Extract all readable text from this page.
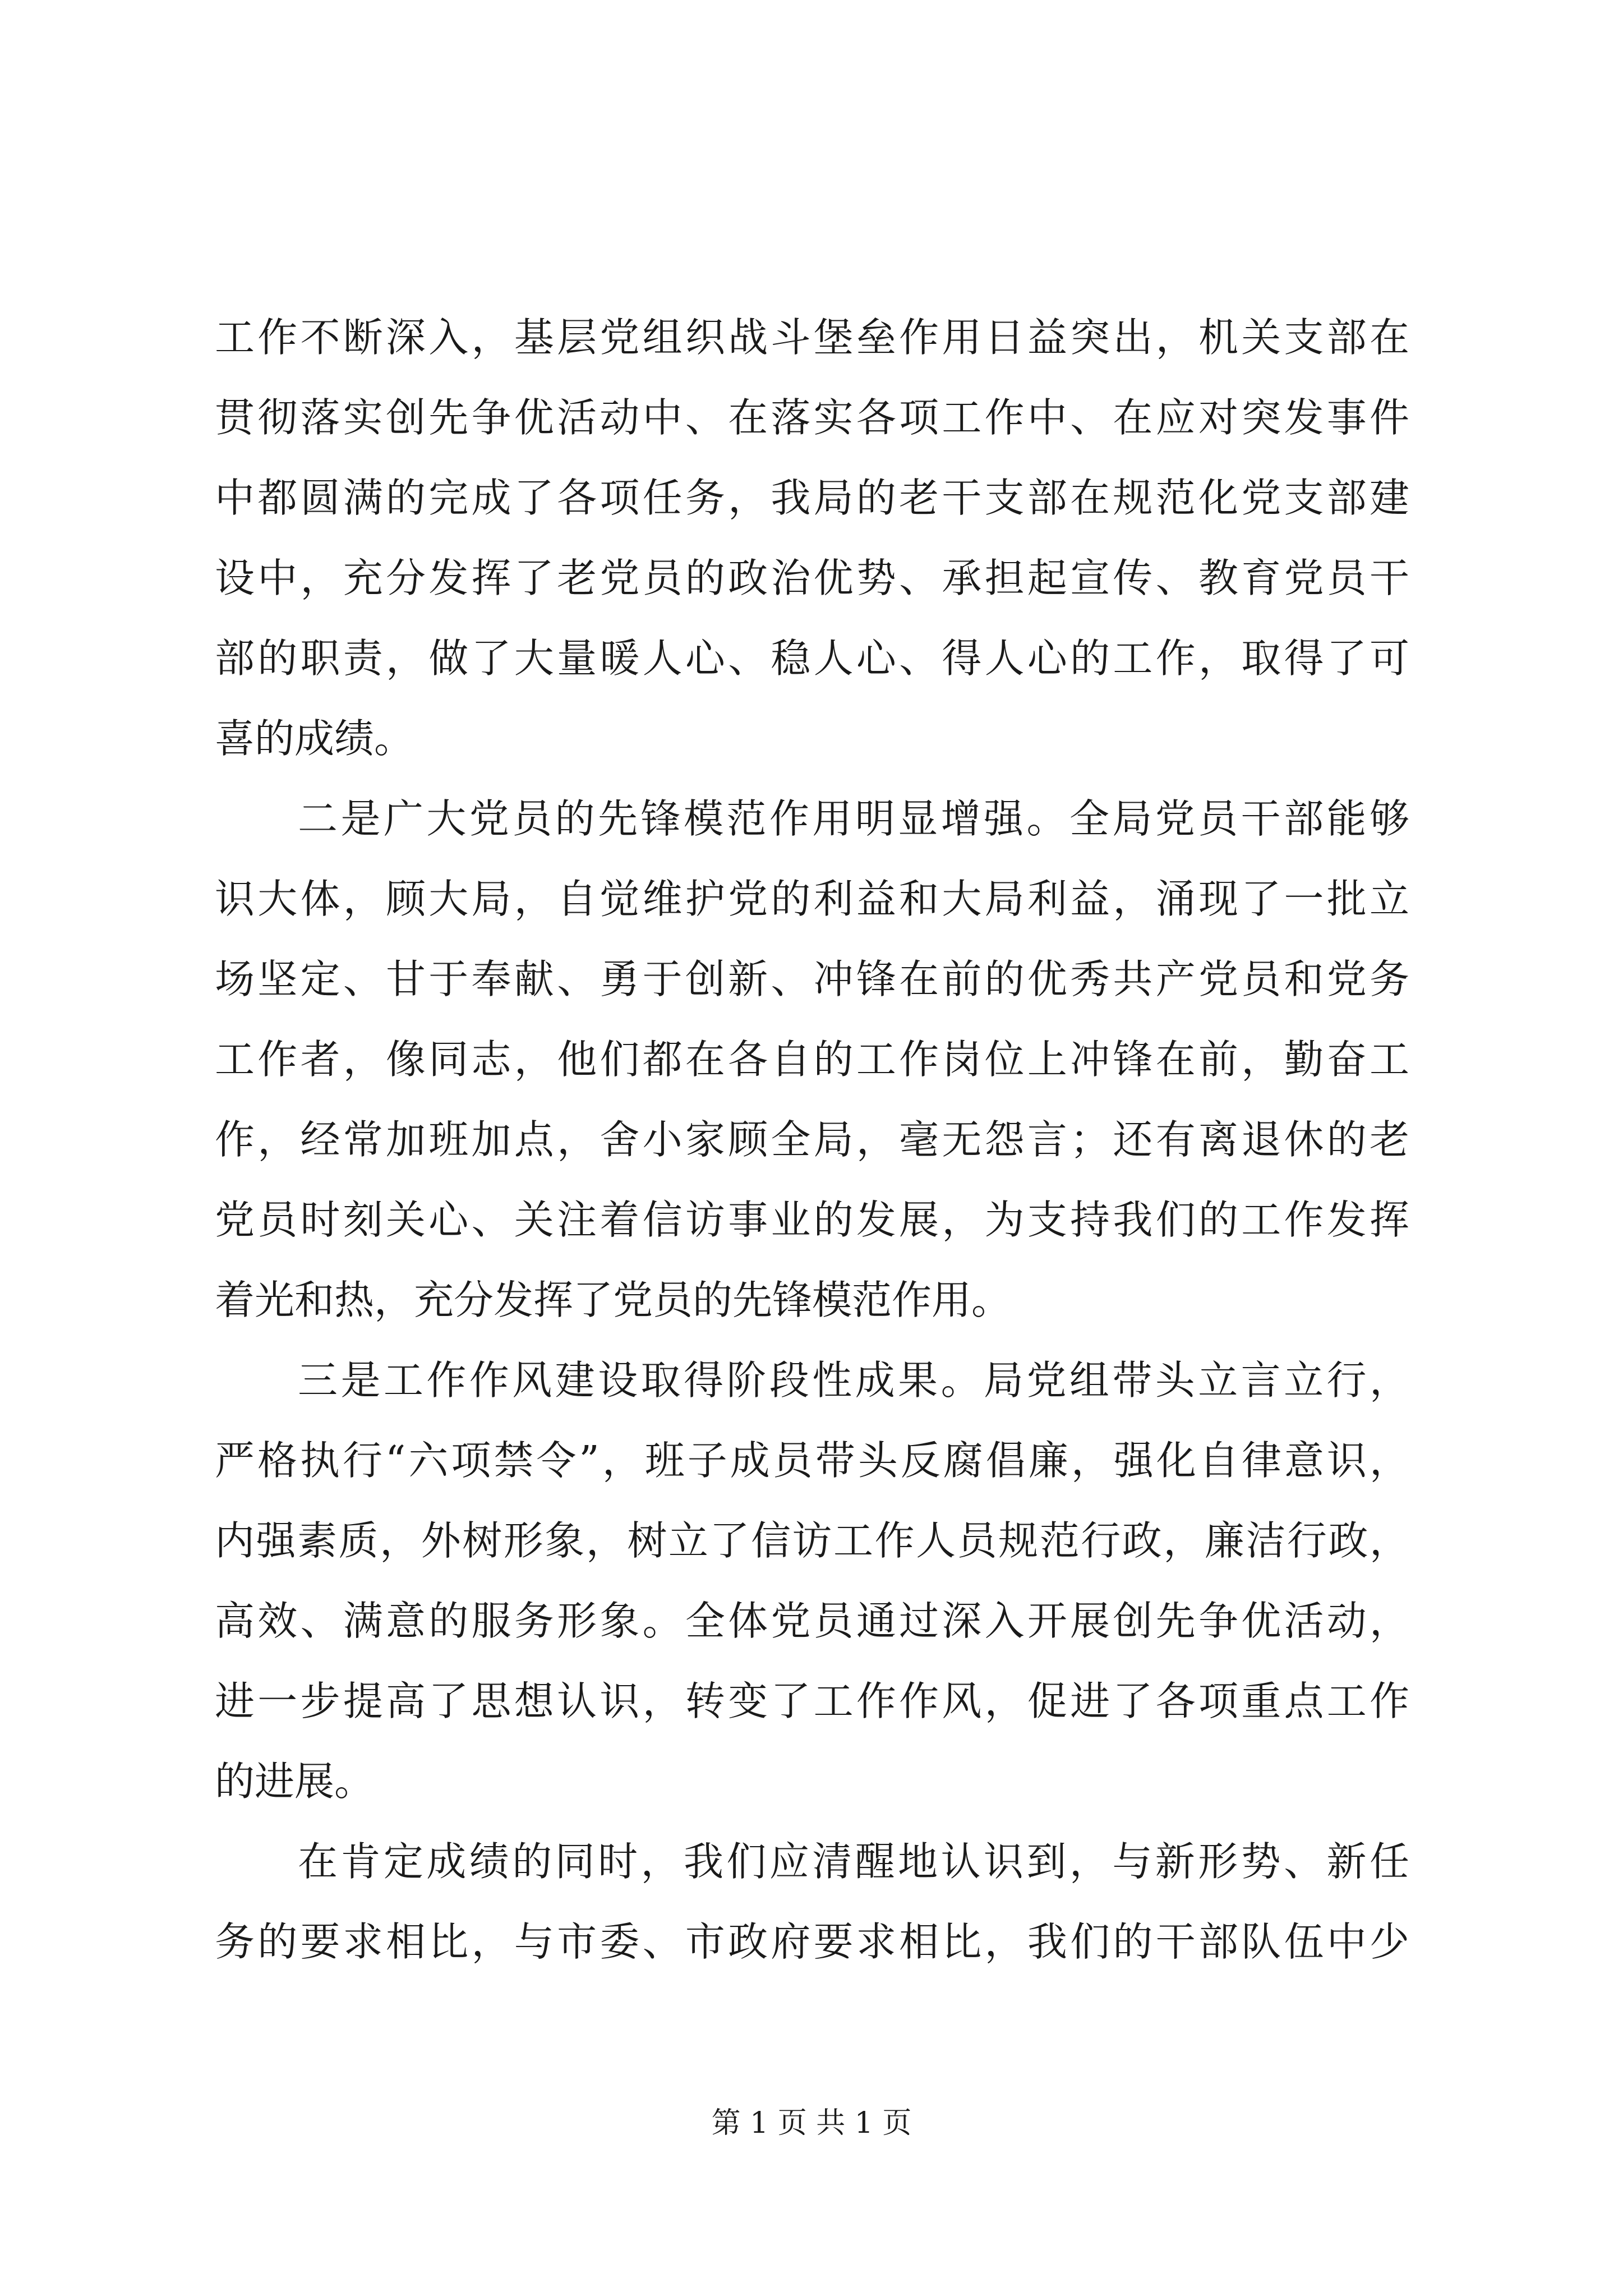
工作不断深入，基层党组织战斗堡垒作用日益突出，机关支部在
贯彻落实创先争优活动中、在落实各项工作中、在应对突发事件
中都圆满的完成了各项任务，我局的老干支部在规范化党支部建
设中，充分发挥了老党员的政治优势、承担起宣传、教育党员干
部的职责，做了大量暖人心、稳人心、得人心的工作，取得了可
喜的成绩。
二是广大党员的先锋模范作用明显增强。全局党员干部能够
识大体，顾大局，自觉维护党的利益和大局利益，涌现了一批立
场坚定、甘于奉献、勇于创新、冲锋在前的优秀共产党员和党务
工作者，像同志，他们都在各自的工作岗位上冲锋在前，勤奋工
作，经常加班加点，舍小家顾全局，毫无怨言；还有离退休的老
党员时刻关心、关注着信访事业的发展，为支持我们的工作发挥
着光和热，充分发挥了党员的先锋模范作用。
三是工作作风建设取得阶段性成果。局党组带头立言立行，
严格执行“六项禁令”，班子成员带头反腐倡廉，强化自律意识，
内强素质，外树形象，树立了信访工作人员规范行政，廉洁行政，
高效、满意的服务形象。全体党员通过深入开展创先争优活动，
进一步提高了思想认识，转变了工作作风，促进了各项重点工作
的进展。
在肯定成绩的同时，我们应清醒地认识到，与新形势、新任
务的要求相比，与市委、市政府要求相比，我们的干部队伍中少
第 1 页 共 1 页
